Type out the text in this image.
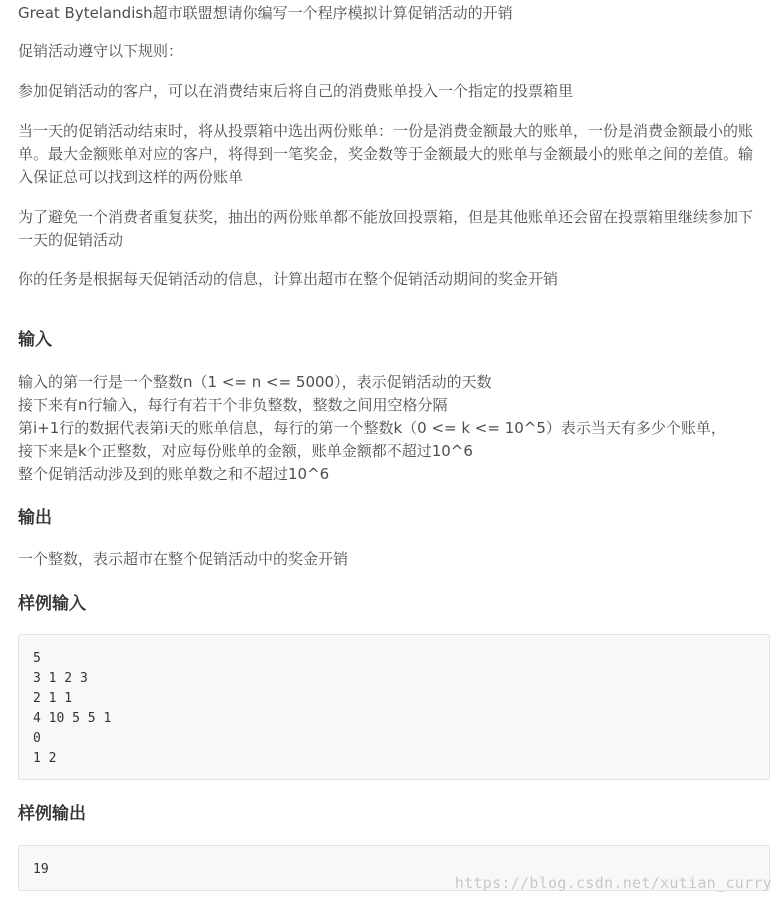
Great Bytelandish超市联盟想请你编写一个程序模拟计算促销活动的开销

促销活动遵守以下规则：

参加促销活动的客户，可以在消费结束后将自己的消费账单投入一个指定的投票箱里

当一天的促销活动结束时，将从投票箱中选出两份账单：一份是消费金额最大的账单，一份是消费金额最小的账单。最大金额账单对应的客户，将得到一笔奖金，奖金数等于金额最大的账单与金额最小的账单之间的差值。输入保证总可以找到这样的两份账单

为了避免一个消费者重复获奖，抽出的两份账单都不能放回投票箱，但是其他账单还会留在投票箱里继续参加下一天的促销活动

你的任务是根据每天促销活动的信息，计算出超市在整个促销活动期间的奖金开销

输入
输入的第一行是一个整数n（1 <= n <= 5000），表示促销活动的天数
接下来有n行输入，每行有若干个非负整数，整数之间用空格分隔
第i+1行的数据代表第i天的账单信息，每行的第一个整数k（0 <= k <= 10^5）表示当天有多少个账单，
接下来是k个正整数，对应每份账单的金额，账单金额都不超过10^6
整个促销活动涉及到的账单数之和不超过10^6
输出

一个整数，表示超市在整个促销活动中的奖金开销

样例输入
5
3 1 2 3
2 1 1
4 10 5 5 1
0
1 2
样例输出
19
https://blog.csdn.net/xutian_curry
